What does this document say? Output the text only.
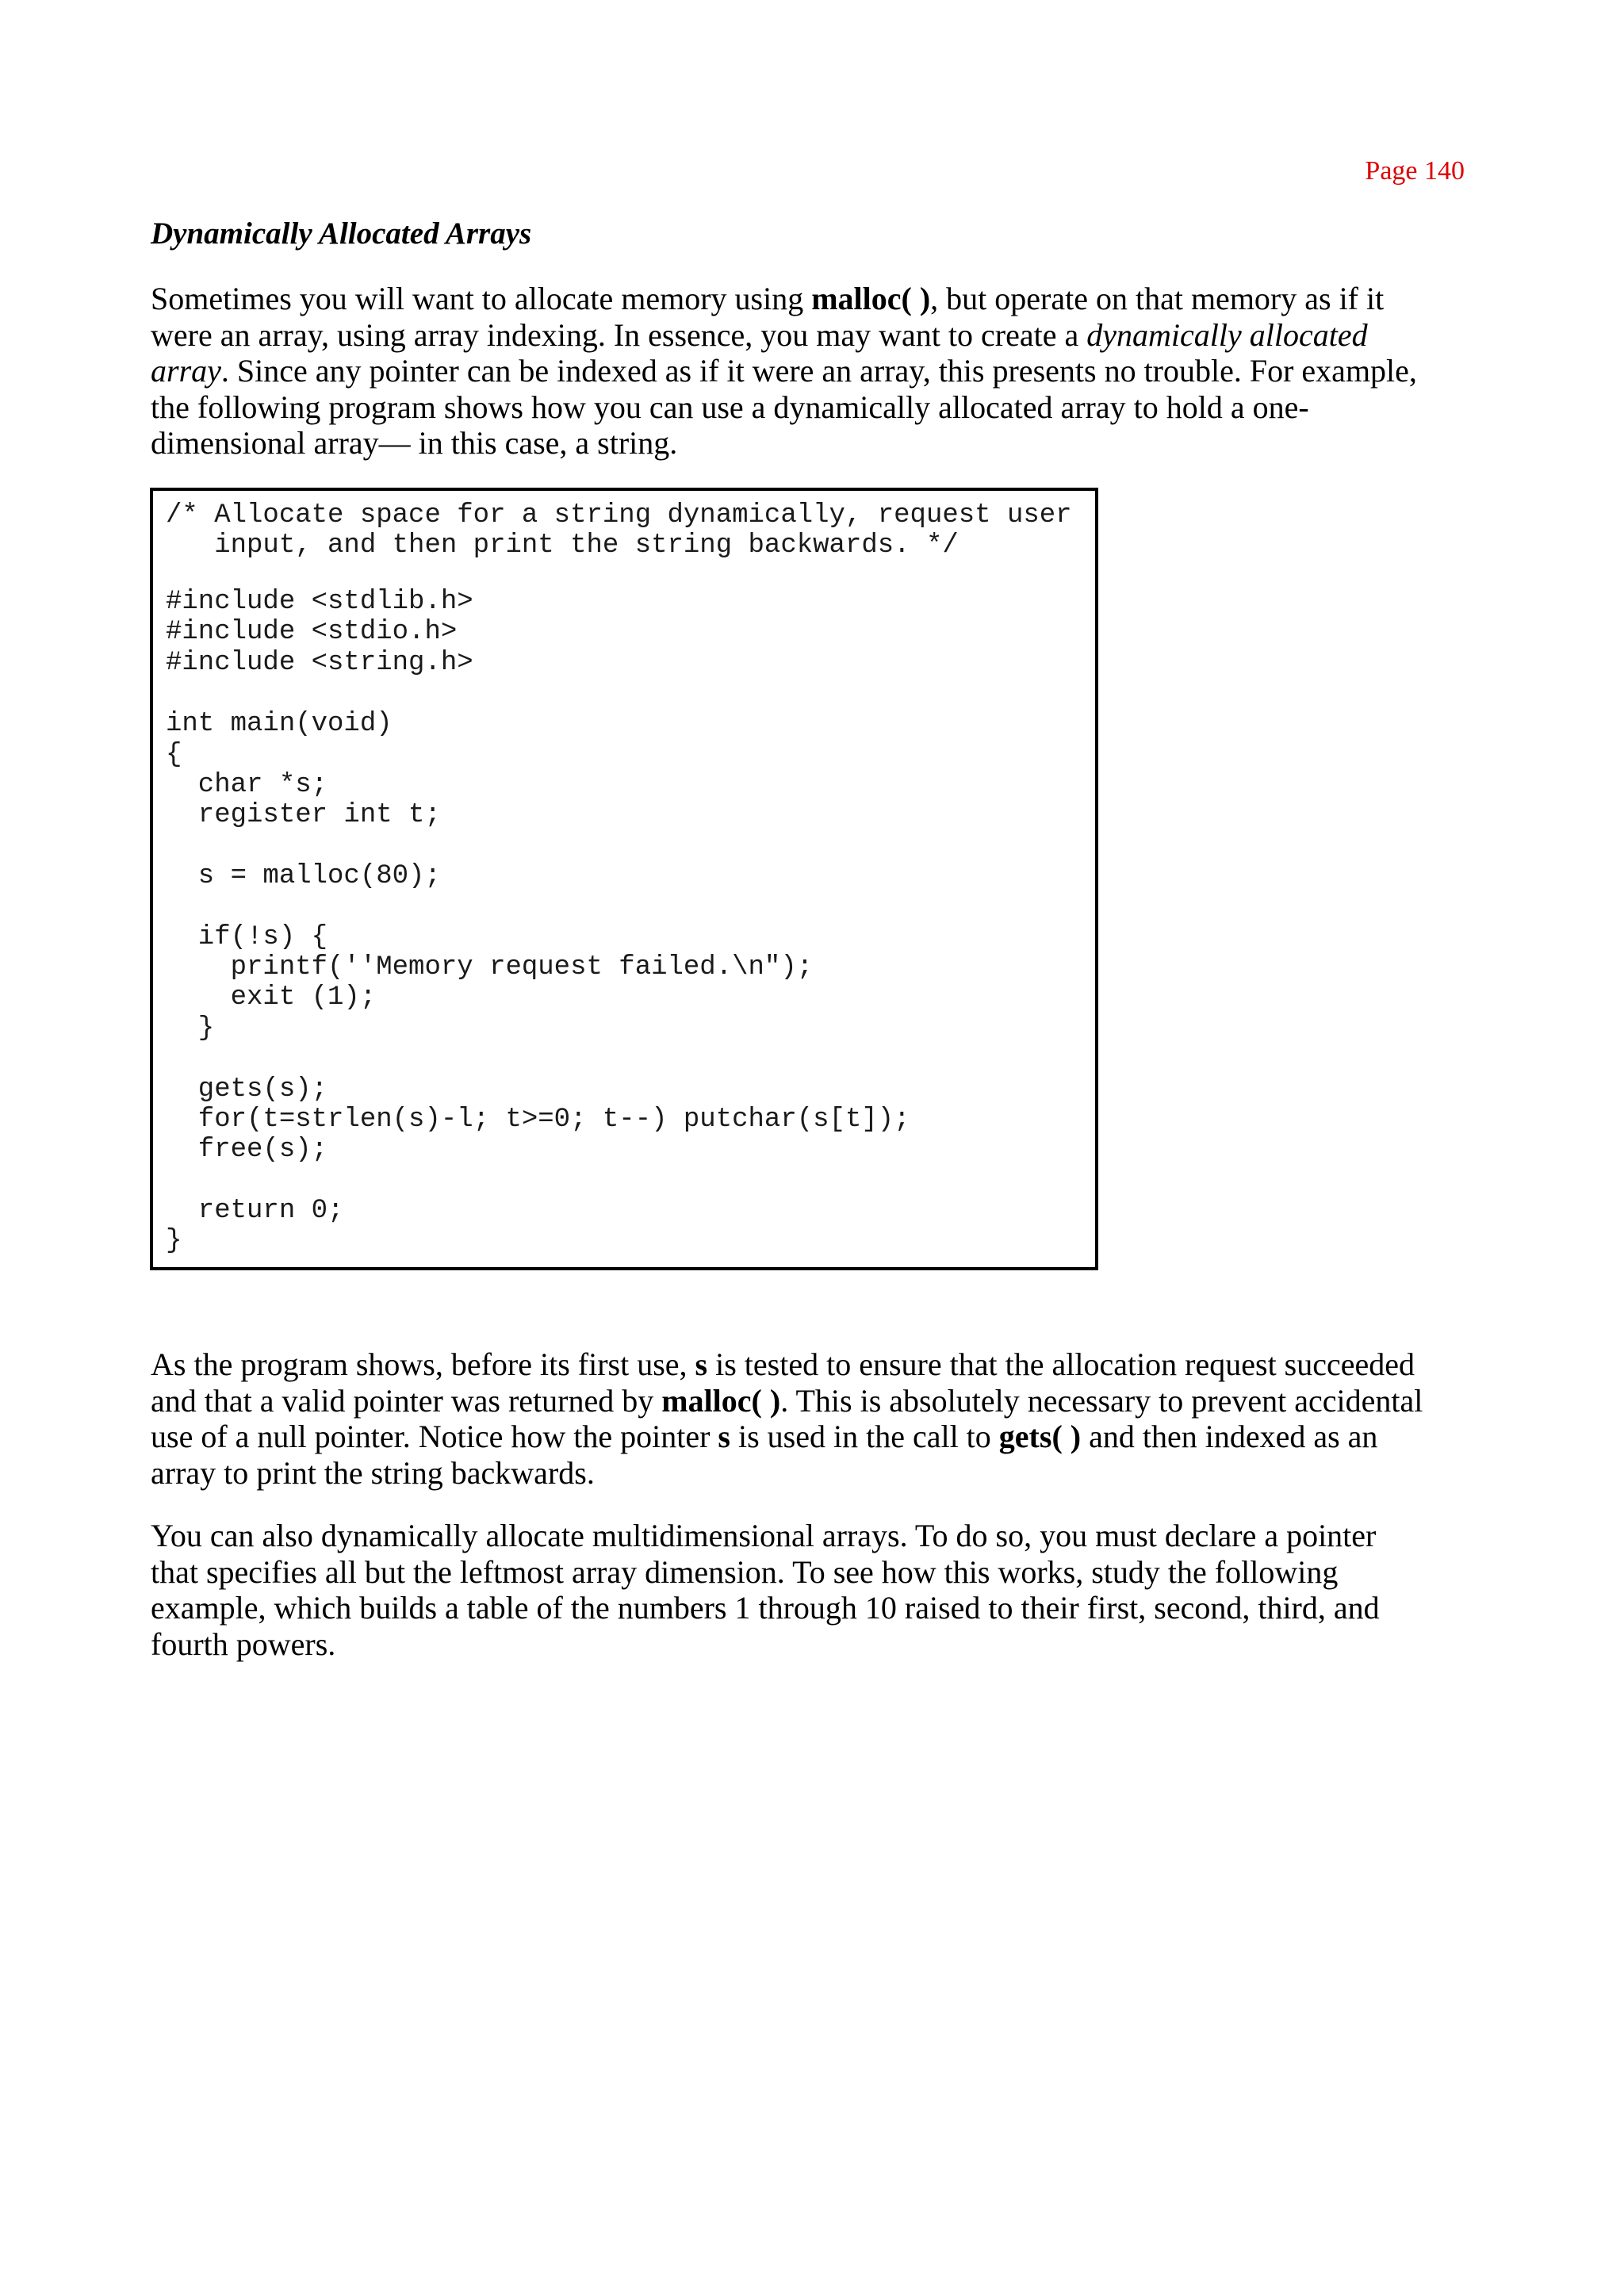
Page 140
Dynamically Allocated Arrays

Sometimes you will want to allocate memory using malloc( ), but operate on that memory as if it
were an array, using array indexing. In essence, you may want to create a dynamically allocated
array. Since any pointer can be indexed as if it were an array, this presents no trouble. For example,
the following program shows how you can use a dynamically allocated array to hold a one-
dimensional array— in this case, a string.

/* Allocate space for a string dynamically, request user
input, and then print the string backwards. */
#include <stdlib.h>
#include <stdio.h>
#include <string.h>
int main(void)
{
char *s;
register int t;
s = malloc(80);
if(!s) {
printf(''Memory request failed.\n");
exit (1);
}
gets(s);
for(t=strlen(s)-l; t>=0; t--) putchar(s[t]);
free(s);
return 0;
}

As the program shows, before its first use, s is tested to ensure that the allocation request succeeded
and that a valid pointer was returned by malloc( ). This is absolutely necessary to prevent accidental
use of a null pointer. Notice how the pointer s is used in the call to gets( ) and then indexed as an
array to print the string backwards.

You can also dynamically allocate multidimensional arrays. To do so, you must declare a pointer
that specifies all but the leftmost array dimension. To see how this works, study the following
example, which builds a table of the numbers 1 through 10 raised to their first, second, third, and
fourth powers.
